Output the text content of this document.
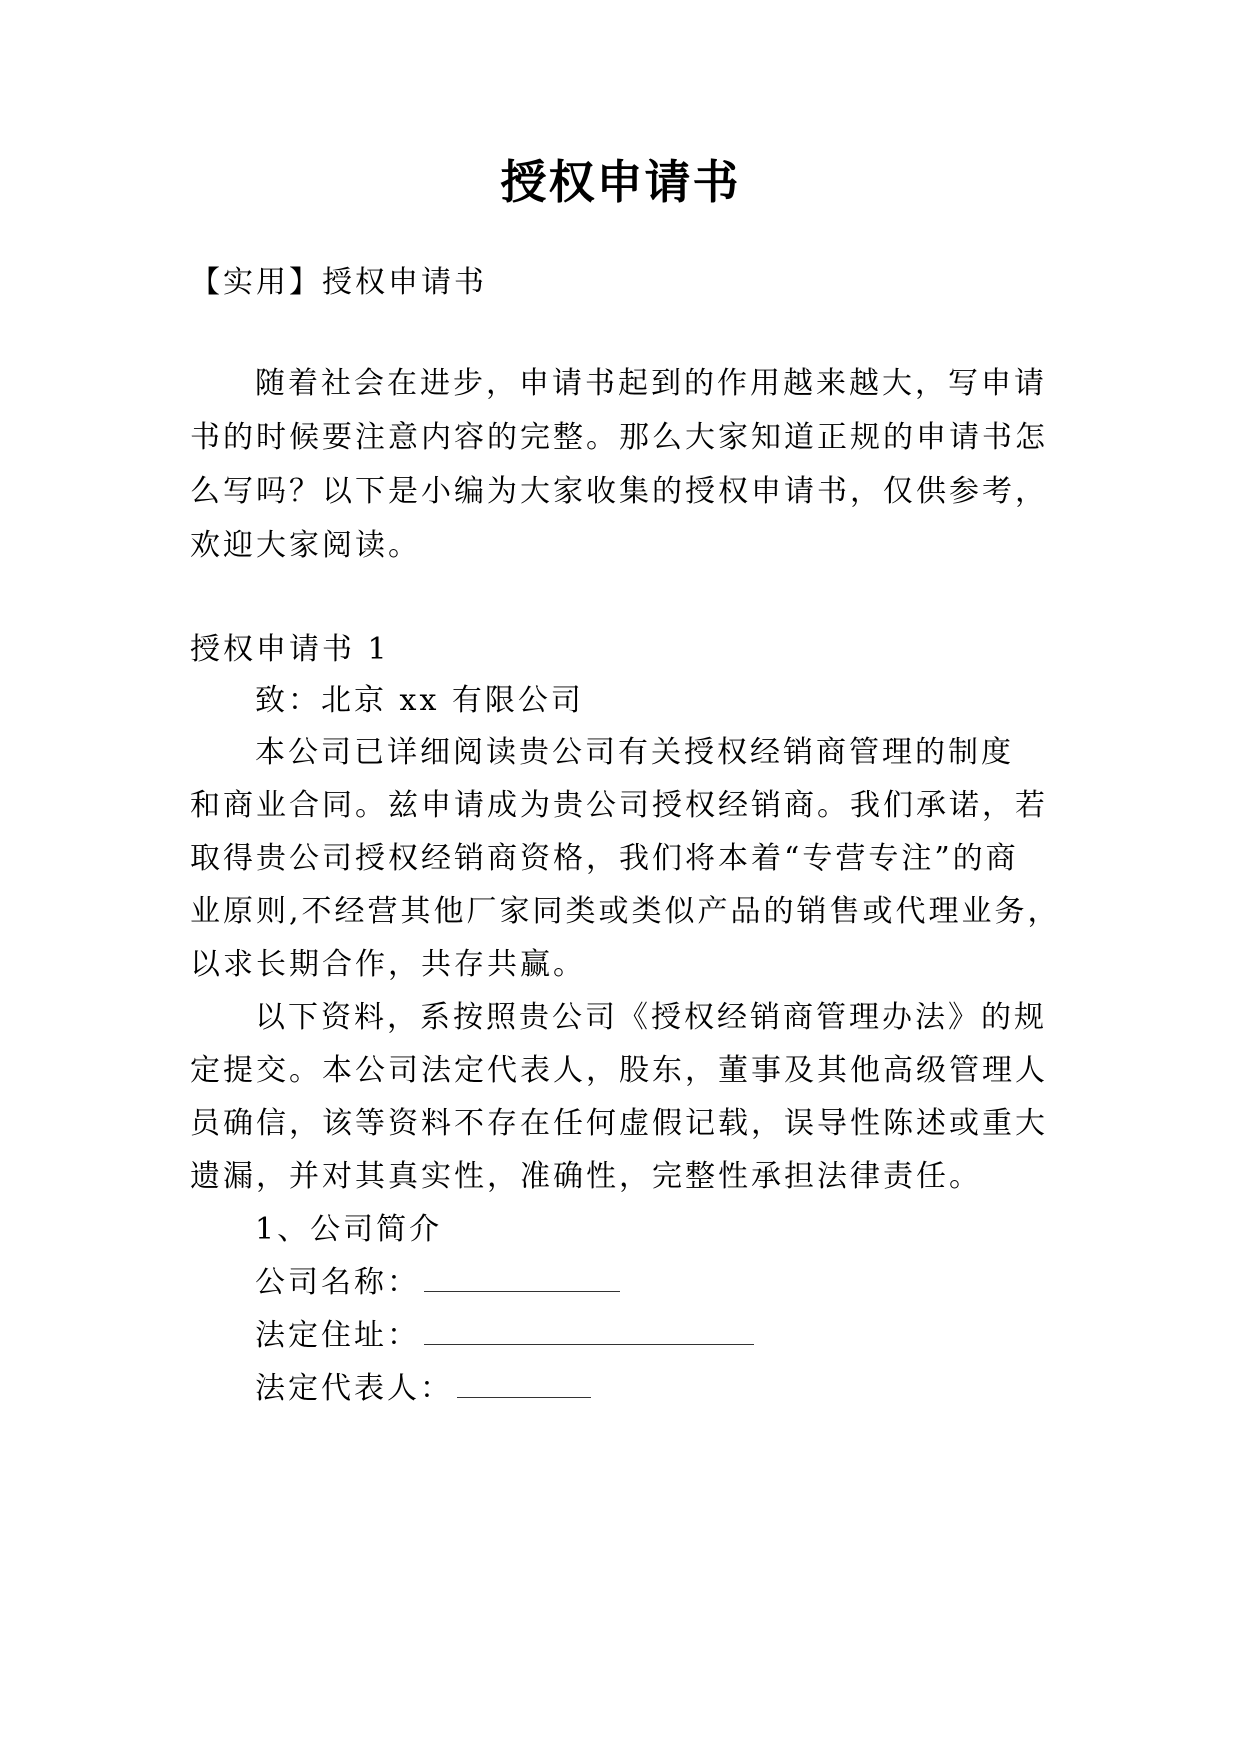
授权申请书
【实用】授权申请书
随着社会在进步，申请书起到的作用越来越大，写申请
书的时候要注意内容的完整。那么大家知道正规的申请书怎
么写吗？以下是小编为大家收集的授权申请书，仅供参考，
欢迎大家阅读。
授权申请书 1
致：北京 xx 有限公司
本公司已详细阅读贵公司有关授权经销商管理的制度
和商业合同。兹申请成为贵公司授权经销商。我们承诺，若
取得贵公司授权经销商资格，我们将本着“专营专注”的商
业原则,不经营其他厂家同类或类似产品的销售或代理业务，
以求长期合作，共存共赢。
以下资料，系按照贵公司《授权经销商管理办法》的规
定提交。本公司法定代表人，股东，董事及其他高级管理人
员确信，该等资料不存在任何虚假记载，误导性陈述或重大
遗漏，并对其真实性，准确性，完整性承担法律责任。
1、公司简介
公司名称：
法定住址：
法定代表人：
